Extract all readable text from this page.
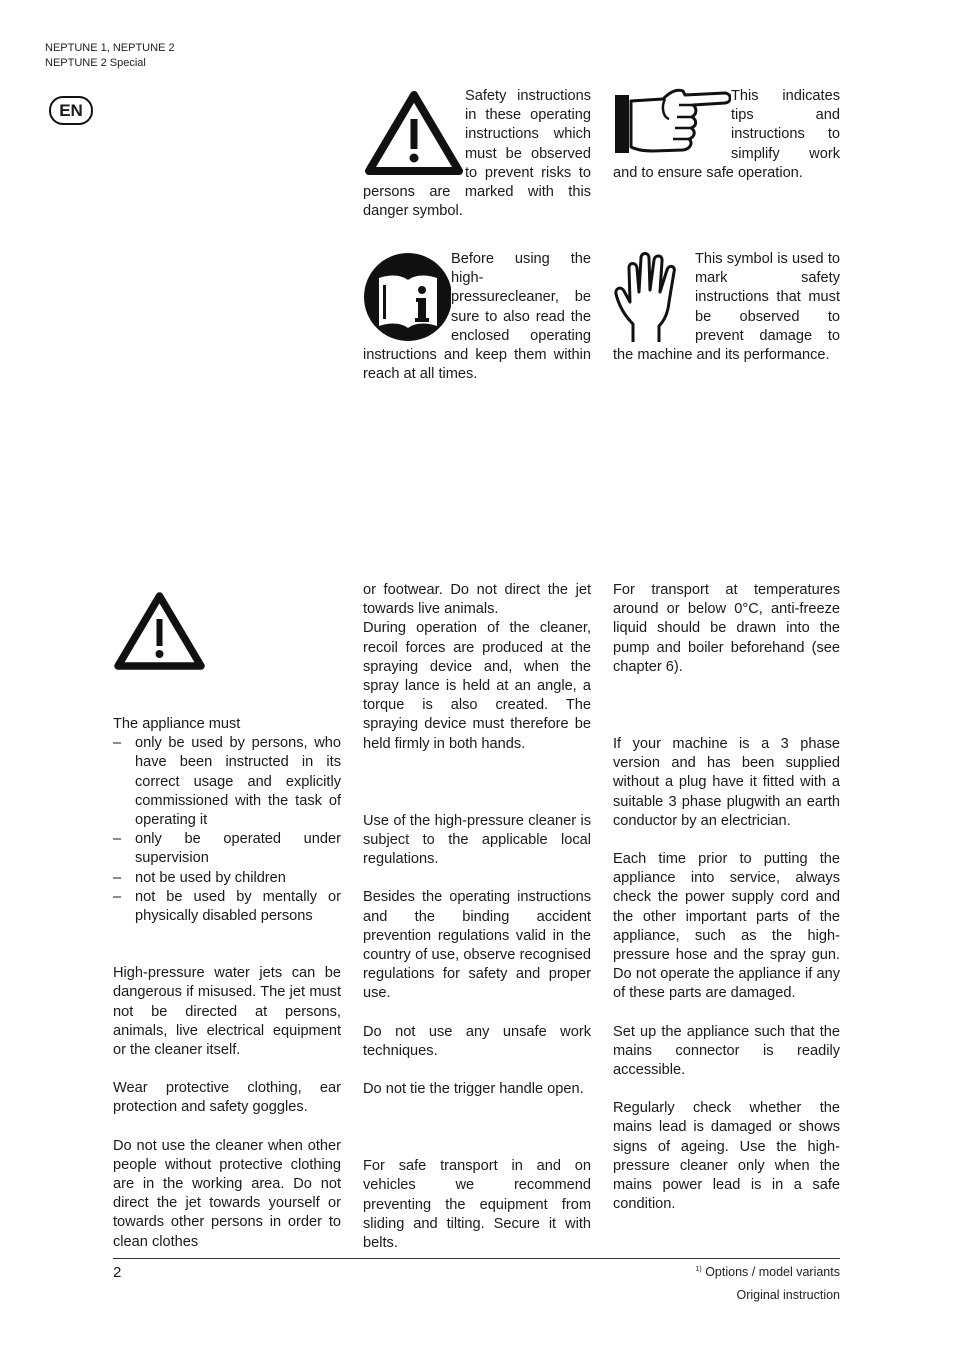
NEPTUNE 1, NEPTUNE 2
NEPTUNE 2 Special
EN

Safety instructions in these operating instructions which must be observed to prevent risks to persons are marked with this danger symbol.

This indicates tips and instructions to simplify work and to ensure safe operation.

Before using the high-pressurecleaner, be sure to also read the enclosed operating instructions and keep them within reach at all times.

This symbol is used to mark safety instructions that must be observed to prevent damage to the machine and its performance.

The appliance must

– only be used by persons, who have been instructed in its correct usage and explicitly commissioned with the task of operating it
– only be operated under supervision
– not be used by children
– not be used by mentally or physically disabled persons

High-pressure water jets can be dangerous if misused. The jet must not be directed at persons, animals, live electrical equipment or the cleaner itself.

Wear protective clothing, ear protection and safety goggles.

Do not use the cleaner when other people without protective clothing are in the working area. Do not direct the jet towards yourself or towards other persons in order to clean clothes

or footwear. Do not direct the jet towards live animals.

During operation of the cleaner, recoil forces are produced at the spraying device and, when the spray lance is held at an angle, a torque is also created. The spraying device must therefore be held firmly in both hands.

Use of the high-pressure cleaner is subject to the applicable local regulations.

Besides the operating instructions and the binding accident prevention regulations valid in the country of use, observe recognised regulations for safety and proper use.

Do not use any unsafe work techniques.

Do not tie the trigger handle open.

For safe transport in and on vehicles we recommend preventing the equipment from sliding and tilting. Secure it with belts.

For transport at temperatures around or below 0°C, anti-freeze liquid should be drawn into the pump and boiler beforehand (see chapter 6).

If your machine is a 3 phase version and has been supplied without a plug have it fitted with a suitable 3 phase plugwith an earth conductor by an electrician.

Each time prior to putting the appliance into service, always check the power supply cord and the other important parts of the appliance, such as the high-pressure hose and the spray gun. Do not operate the appliance if any of these parts are damaged.

Set up the appliance such that the mains connector is readily accessible.

Regularly check whether the mains lead is damaged or shows signs of ageing. Use the high-pressure cleaner only when the mains power lead is in a safe condition.

2	$^{1)}$ Options / model variants
Original instruction
